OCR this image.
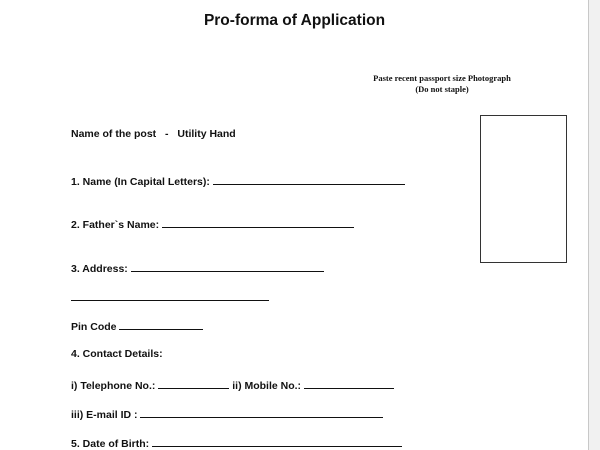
Pro-forma of Application
Paste recent passport size Photograph
(Do not staple)
Name of the post - Utility Hand
1. Name (In Capital Letters):
2. Father`s Name:
3. Address:
Pin Code
4. Contact Details:
i) Telephone No.:	ii) Mobile No.:
iii) E-mail ID :
5. Date of Birth:
